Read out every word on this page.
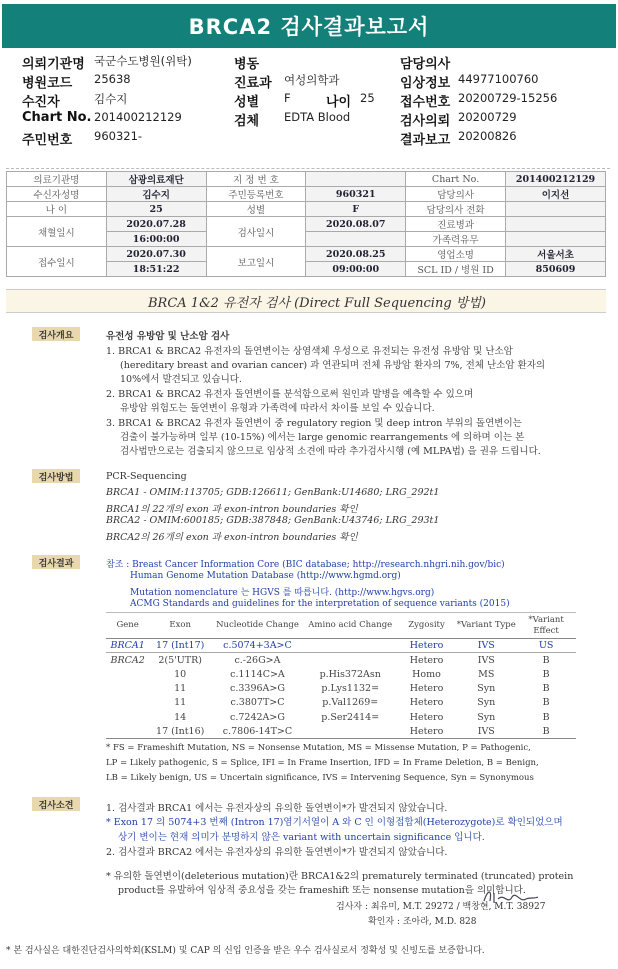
BRCA2 검사결과보고서
의뢰기관명 국군수도병원(위탁)	병동	담당의사
병원코드 25638	진료과 여성의학과	임상정보 44977100760
수진자	김수지	성별 F	나이 25 접수번호 20200729-15256
Chart No. 201400212129	검체 EDTA Blood	검사의뢰 20200729
주민번호 960321-	결과보고 20200826
의료기관명	삼광의료재단	지 정 번 호		Chart No.	201400212129
수신자성명	김수지	주민등록번호	960321	담당의사	이지선
나 이	25	성별	F	담당의사 전화	
채혈일시	2020.07.28	검사일시	2020.08.07	진료병과	
	16:00:00			가족력유무	
접수일시	2020.07.30	보고일시	2020.08.25	영업소명	서울서초
	18:51:22		09:00:00	SCL ID / 병원 ID	850609
BRCA 1&2 유전자 검사 (Direct Full Sequencing 방법)
검사개요	유전성 유방암 및 난소암 검사
1. BRCA1 & BRCA2 유전자의 돌연변이는 상염색체 우성으로 유전되는 유전성 유방암 및 난소암
(hereditary breast and ovarian cancer) 과 연관되며 전체 유방암 환자의 7%, 전체 난소암 환자의
10%에서 발견되고 있습니다.
2. BRCA1 & BRCA2 유전자 돌연변이를 분석함으로써 원인과 발병을 예측할 수 있으며
유방암 위험도는 돌연변이 유형과 가족력에 따라서 차이를 보일 수 있습니다.
3. BRCA1 & BRCA2 유전자 돌연변이 중 regulatory region 및 deep intron 부위의 돌연변이는
검출이 불가능하며 일부 (10-15%) 에서는 large genomic rearrangements 에 의하며 이는 본
검사법만으로는 검출되지 않으므로 임상적 소견에 따라 추가검사시행 (예 MLPA법) 을 권유 드립니다.
검사방법	PCR-Sequencing
BRCA1 - OMIM:113705; GDB:126611; GenBank:U14680; LRG_292t1
BRCA1의 22개의 exon 과 exon-intron boundaries 확인
BRCA2 - OMIM:600185; GDB:387848; GenBank:U43746; LRG_293t1
BRCA2의 26개의 exon 과 exon-intron boundaries 확인
검사결과	참조 : Breast Cancer Information Core (BIC database; http://research.nhgri.nih.gov/bic)
Human Genome Mutation Database (http://www.hgmd.org)
Mutation nomenclature 는 HGVS 를 따릅니다. (http://www.hgvs.org)
ACMG Standards and guidelines for the interpretation of sequence variants (2015)
Gene	Exon	Nucleotide Change	Amino acid Change	Zygosity	*Variant Type	*Variant Effect
BRCA1	17 (Int17)	c.5074+3A>C		Hetero	IVS	US
BRCA2	2(5'UTR)	c.-26G>A		Hetero	IVS	B
	10	c.1114C>A	p.His372Asn	Homo	MS	B
	11	c.3396A>G	p.Lys1132=	Hetero	Syn	B
	11	c.3807T>C	p.Val1269=	Hetero	Syn	B
	14	c.7242A>G	p.Ser2414=	Hetero	Syn	B
	17 (Int16)	c.7806-14T>C		Hetero	IVS	B
* FS = Frameshift Mutation, NS = Nonsense Mutation, MS = Missense Mutation, P = Pathogenic,
LP = Likely pathogenic, S = Splice, IFI = In Frame Insertion, IFD = In Frame Deletion, B = Benign,
LB = Likely benign, US = Uncertain significance, IVS = Intervening Sequence, Syn = Synonymous
검사소견	1. 검사결과 BRCA1 에서는 유전자상의 유의한 돌연변이*가 발견되지 않았습니다.
* Exon 17 의 5074+3 번째 (Intron 17)염기서열이 A 와 C 인 이형접합체(Heterozygote)로 확인되었으며
상기 변이는 현재 의미가 분명하지 않은 variant with uncertain significance 입니다.
2. 검사결과 BRCA2 에서는 유전자상의 유의한 돌연변이*가 발견되지 않았습니다.
* 유의한 돌연변이(deleterious mutation)란 BRCA1&2의 prematurely terminated (truncated) protein
product를 유발하여 임상적 중요성을 갖는 frameshift 또는 nonsense mutation을 의미합니다.
검사자 : 최유미, M.T. 29272 / 백창현, M.T. 38927
확인자 : 조아라, M.D. 828
* 본 검사실은 대한진단검사의학회(KSLM) 및 CAP 의 신입 인증을 받은 우수 검사실로서 정확성 및 신빙도를 보증합니다.
